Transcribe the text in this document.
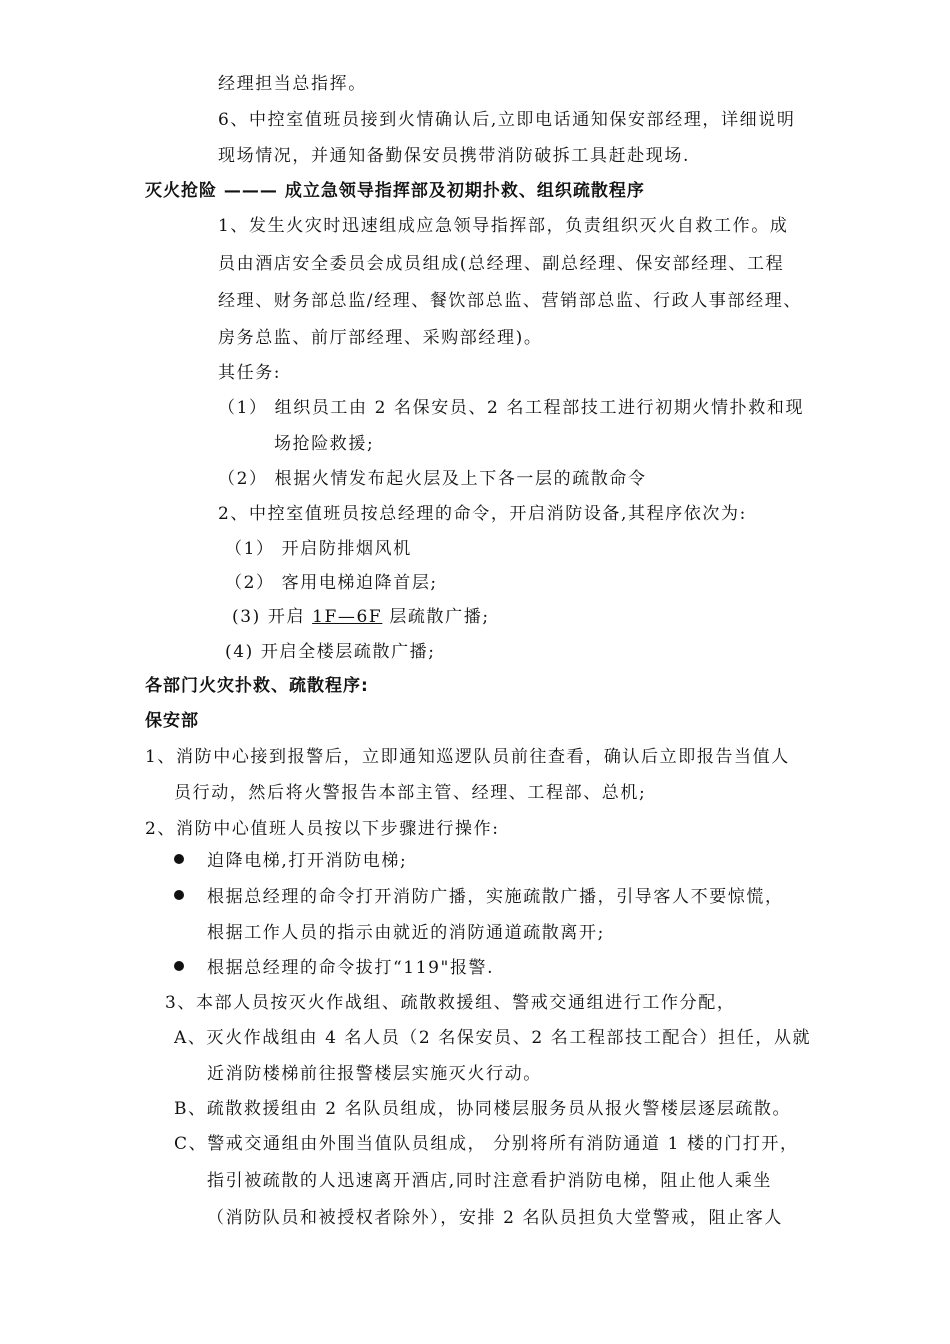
经理担当总指挥。
6、中控室值班员接到火情确认后,立即电话通知保安部经理，详细说明
现场情况，并通知备勤保安员携带消防破拆工具赶赴现场.
灭火抢险 ——— 成立急领导指挥部及初期扑救、组织疏散程序
1、发生火灾时迅速组成应急领导指挥部，负责组织灭火自救工作。成
员由酒店安全委员会成员组成(总经理、副总经理、保安部经理、工程
经理、财务部总监/经理、餐饮部总监、营销部总监、行政人事部经理、
房务总监、前厅部经理、采购部经理)。
其任务:
（1） 组织员工由 2 名保安员、2 名工程部技工进行初期火情扑救和现
场抢险救援;
（2） 根据火情发布起火层及上下各一层的疏散命令
2、中控室值班员按总经理的命令，开启消防设备,其程序依次为:
（1） 开启防排烟风机
（2） 客用电梯迫降首层;
(3) 开启 1F—6F 层疏散广播;
(4) 开启全楼层疏散广播;
各部门火灾扑救、疏散程序:
保安部
1、消防中心接到报警后，立即通知巡逻队员前往查看，确认后立即报告当值人
员行动，然后将火警报告本部主管、经理、工程部、总机;
2、消防中心值班人员按以下步骤进行操作:
迫降电梯,打开消防电梯;
根据总经理的命令打开消防广播，实施疏散广播，引导客人不要惊慌，
根据工作人员的指示由就近的消防通道疏散离开;
根据总经理的命令拔打“119"报警.
3、本部人员按灭火作战组、疏散救援组、警戒交通组进行工作分配，
A、灭火作战组由 4 名人员（2 名保安员、2 名工程部技工配合）担任，从就
近消防楼梯前往报警楼层实施灭火行动。
B、疏散救援组由 2 名队员组成，协同楼层服务员从报火警楼层逐层疏散。
C、警戒交通组由外围当值队员组成， 分别将所有消防通道 1 楼的门打开，
指引被疏散的人迅速离开酒店,同时注意看护消防电梯，阻止他人乘坐
（消防队员和被授权者除外），安排 2 名队员担负大堂警戒，阻止客人
